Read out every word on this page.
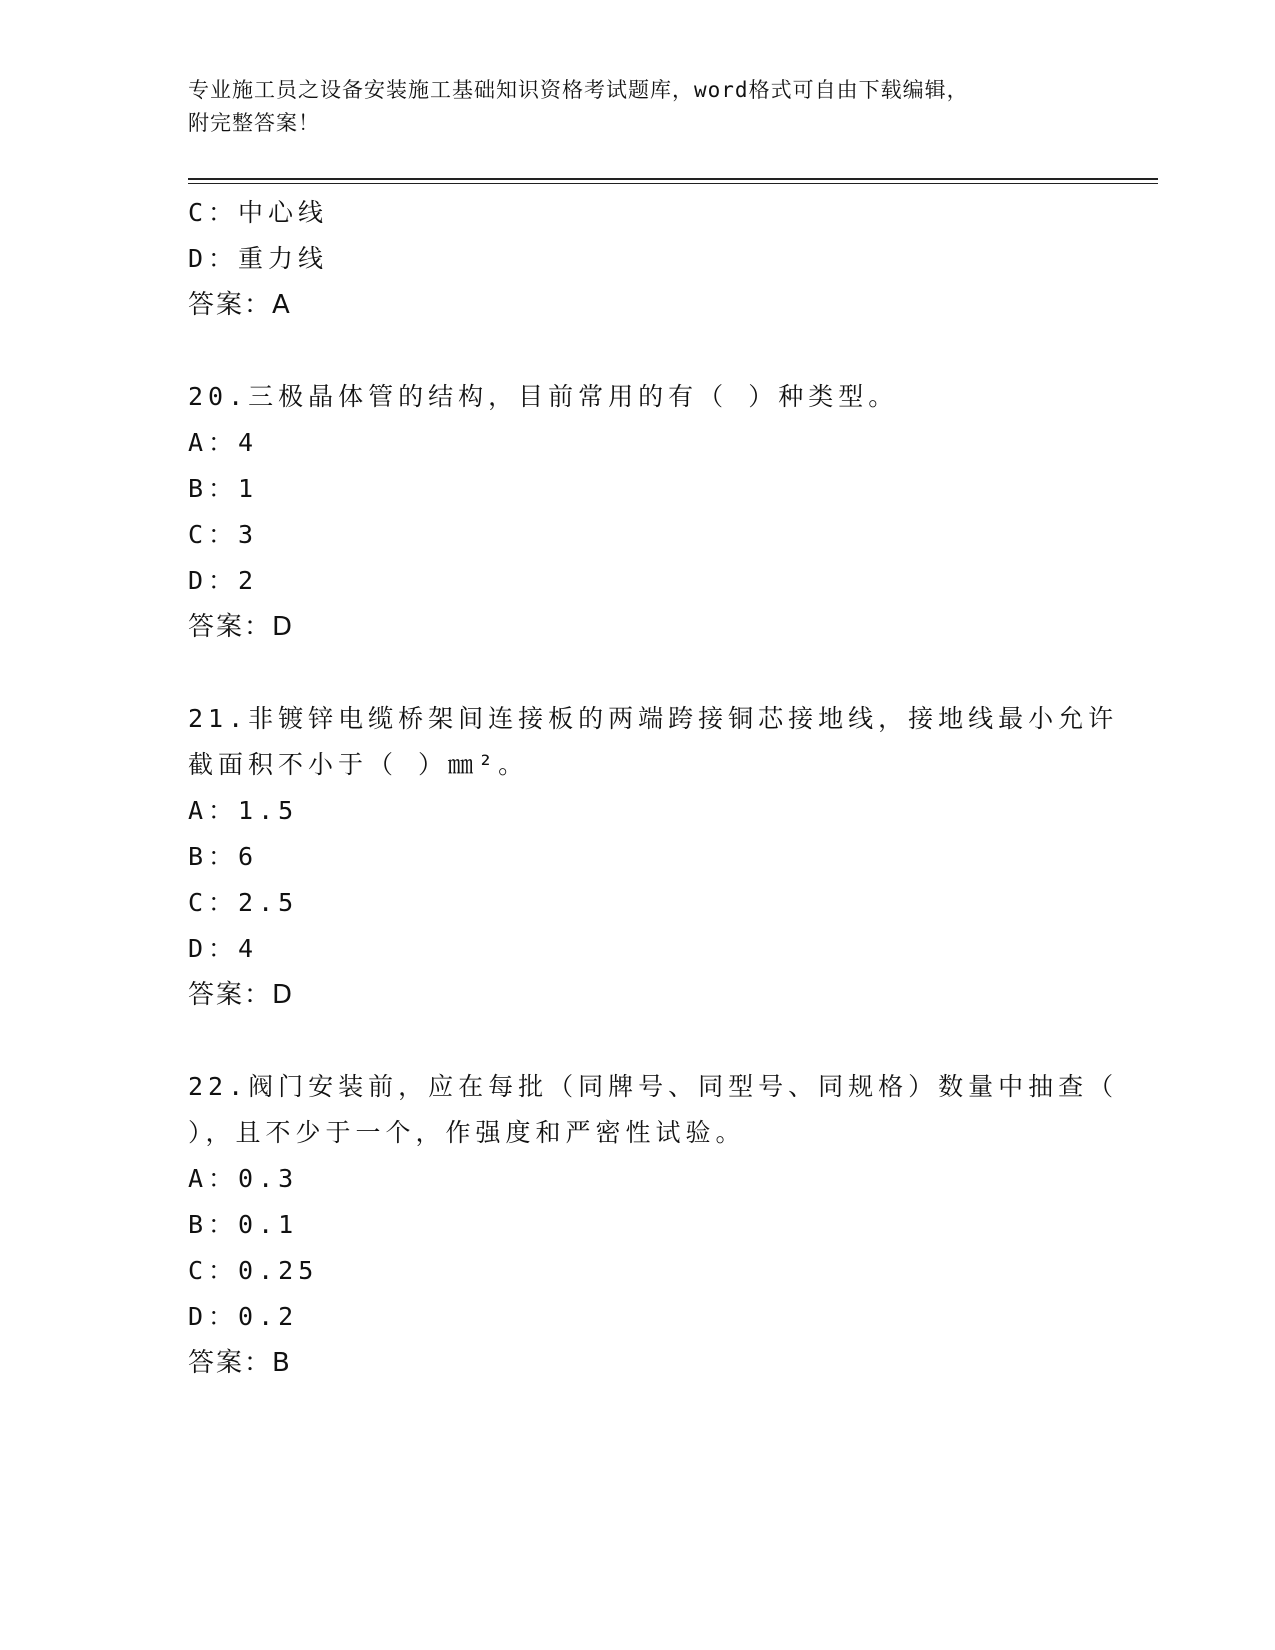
专业施工员之设备安装施工基础知识资格考试题库，word格式可自由下载编辑，
附完整答案！
C：中心线
D：重力线
答案：A
20.三极晶体管的结构，目前常用的有（ ）种类型。
A：4
B：1
C：3
D：2
答案：D
21.非镀锌电缆桥架间连接板的两端跨接铜芯接地线，接地线最小允许
截面积不小于（ ）㎜²。
A：1.5
B：6
C：2.5
D：4
答案：D
22.阀门安装前，应在每批（同牌号、同型号、同规格）数量中抽查（
），且不少于一个，作强度和严密性试验。
A：0.3
B：0.1
C：0.25
D：0.2
答案：B
